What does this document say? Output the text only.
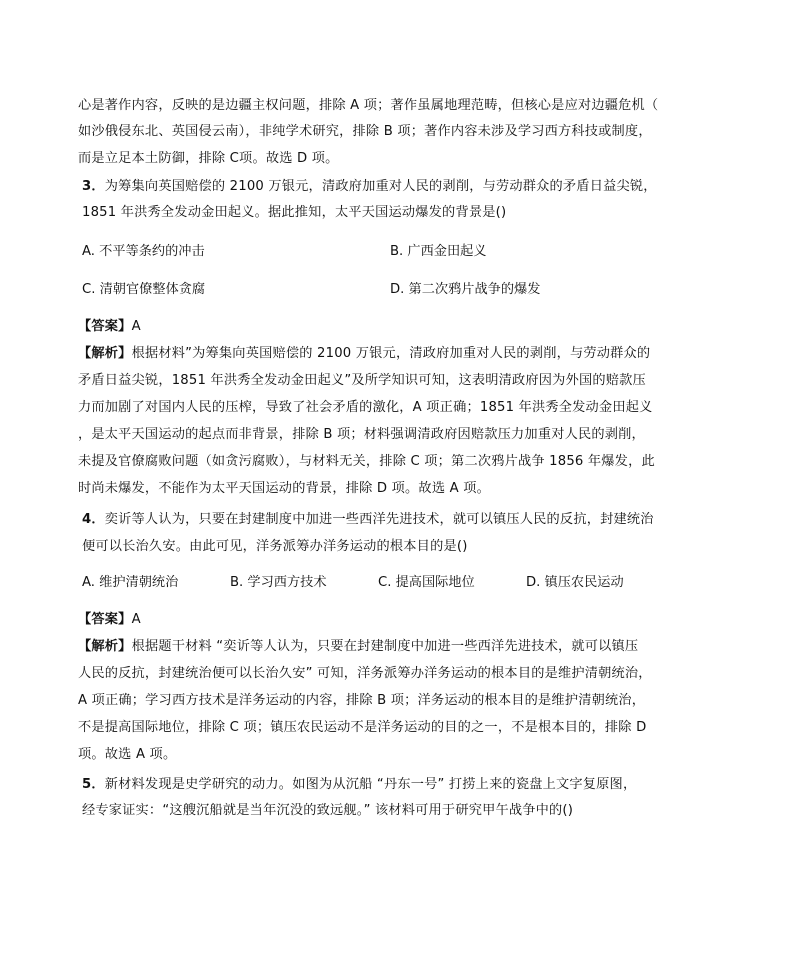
心是著作内容，反映的是边疆主权问题，排除 A 项；著作虽属地理范畴，但核心是应对边疆危机（
如沙俄侵东北、英国侵云南），非纯学术研究，排除 B 项；著作内容未涉及学习西方科技或制度，
而是立足本土防御，排除 C项。故选 D 项。
3．为筹集向英国赔偿的 2100 万银元，清政府加重对人民的剥削，与劳动群众的矛盾日益尖锐，
1851 年洪秀全发动金田起义。据此推知，太平天国运动爆发的背景是()
A. 不平等条约的冲击	B. 广西金田起义
C. 清朝官僚整体贪腐	D. 第二次鸦片战争的爆发
【答案】A
【解析】根据材料”为筹集向英国赔偿的 2100 万银元，清政府加重对人民的剥削，与劳动群众的
矛盾日益尖锐，1851 年洪秀全发动金田起义”及所学知识可知，这表明清政府因为外国的赔款压
力而加剧了对国内人民的压榨，导致了社会矛盾的激化，A 项正确；1851 年洪秀全发动金田起义
，是太平天国运动的起点而非背景，排除 B 项；材料强调清政府因赔款压力加重对人民的剥削，
未提及官僚腐败问题（如贪污腐败），与材料无关，排除 C 项；第二次鸦片战争 1856 年爆发，此
时尚未爆发，不能作为太平天国运动的背景，排除 D 项。故选 A 项。
4．奕䜣等人认为，只要在封建制度中加进一些西洋先进技术，就可以镇压人民的反抗，封建统治
便可以长治久安。由此可见，洋务派筹办洋务运动的根本目的是()
A. 维护清朝统治	B. 学习西方技术	C. 提高国际地位	D. 镇压农民运动
【答案】A
【解析】根据题干材料 “奕䜣等人认为，只要在封建制度中加进一些西洋先进技术，就可以镇压
人民的反抗，封建统治便可以长治久安” 可知，洋务派筹办洋务运动的根本目的是维护清朝统治，
A 项正确；学习西方技术是洋务运动的内容，排除 B 项；洋务运动的根本目的是维护清朝统治，
不是提高国际地位，排除 C 项；镇压农民运动不是洋务运动的目的之一，不是根本目的，排除 D
项。故选 A 项。
5．新材料发现是史学研究的动力。如图为从沉船 “丹东一号” 打捞上来的瓷盘上文字复原图，
经专家证实：“这艘沉船就是当年沉没的致远舰。” 该材料可用于研究甲午战争中的()
